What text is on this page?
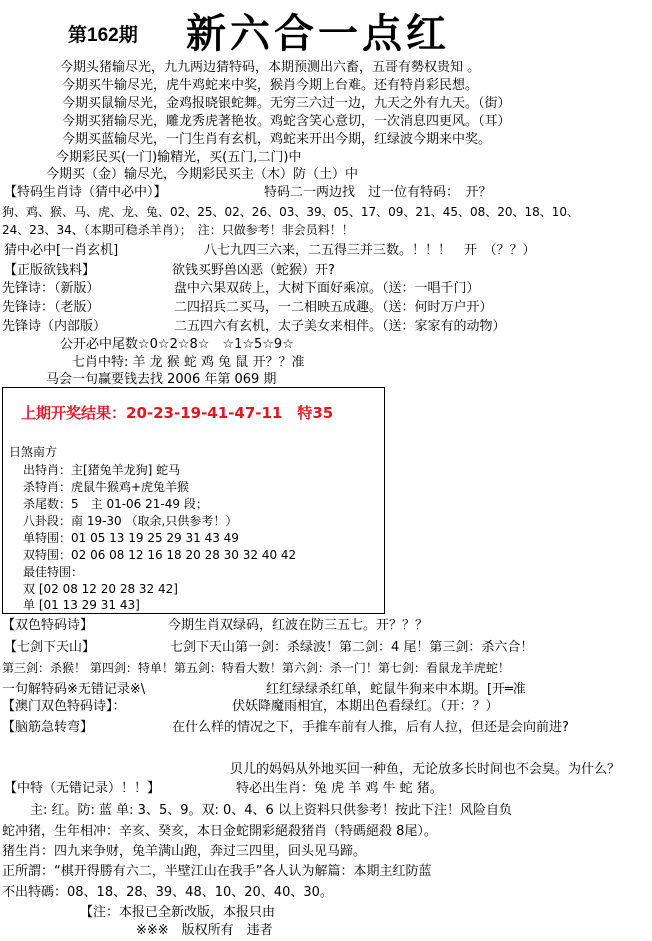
第162期 新六合一点红
今期头猪输尽光，九九两边猜特码，本期预测出六畜，五哥有勢权贵知 。
今期买牛输尽光，虎牛鸡蛇来中奖，猴肖今期上台难。还有特肖彩民想。
今期买鼠输尽光，金鸡报晓银蛇舞。无穷三六过一边，九天之外有九天。（街）
今期买猪输尽光，雕龙秀虎著艳妆。鸡蛇含笑心意切，一次消息四更风。（耳）
今期买蓝输尽光，一门生肖有玄机，鸡蛇来开出今期，红绿波今期来中奖。
今期彩民买(一门)输精光，买(五门,二门)中
今期买（金）输尽光，今期彩民买主（木）防（土）中
【特码生肖诗（猜中必中）】	特码二一两边找　过一位有特码：　开？
狗、鸡、猴、马、虎、龙、兔、02、25、02、26、03、39、05、17、09、21、45、08、20、18、10、
24、23、34、（本期可稳杀羊肖）；　注：只做参考！非会员料！！
猜中必中[一肖玄机]	八七九四三六来，二五得三并三数。！！！　开　（？？）
【正版欲钱料】	欲钱买野兽凶恶（蛇猴）开?
先锋诗：（新版）	盘中六果双砖上，大树下面好乘凉。（送：一唱千门）
先锋诗：（老版）	二四招兵二买马，一二相映五成趣。（送：何时万户开）
先锋诗（内部版）	二五四六有玄机，太子美女来相伴。（送：家家有的动物）
公开必中尾数☆0☆2☆8☆　☆1☆5☆9☆
七肖中特: 羊 龙 猴 蛇 鸡 兔 鼠 开？？准
马会一句赢要钱去找 2006 年第 069 期
上期开奖结果：20-23-19-41-47-11　特35
日煞南方
出特肖：主[猪兔羊龙狗] 蛇马
杀特肖：虎鼠牛猴鸡+虎兔羊猴
杀尾数：5　主 01-06 21-49 段；
八卦段：南 19-30 （取余,只供参考！）
单特围：01 05 13 19 25 29 31 43 49
双特围：02 06 08 12 16 18 20 28 30 32 40 42
最佳特围：
双 [02 08 12 20 28 32 42]
单 [01 13 29 31 43]
【双色特码诗】	今期生肖双绿码，红波在防三五七。开？？？
【七剑下天山】	七剑下天山第一剑：杀绿波！第二剑：4 尾！第三剑：杀六合！
第三剑：杀猴！ 第四剑：特单！第五剑：特看大数！第六剑：杀一门！第七剑：看鼠龙羊虎蛇！
一句解特码※无错记录※\	红红绿绿杀红单，蛇鼠牛狗来中本期。[开═准
【澳门双色特码诗】：	伏妖降魔雨相宜，本期出色看绿红。（开：？）
【脑筋急转弯】	在什么样的情况之下，手推车前有人推，后有人拉，但还是会向前进?
贝儿的妈妈从外地买回一种鱼，无论放多长时间也不会臭。为什么？
【中特（无错记录）！！】	特必出生肖：兔 虎 羊 鸡 牛 蛇 猪。
主: 红。防: 蓝 单: 3、5、9。双: 0、4、6 以上资料只供参考！按此下注！风险自负
蛇冲猪，生年相冲：辛亥、癸亥，本日金蛇開彩絕殺猪肖（特碼絕殺 8尾）。
猪生肖：四九来争财，兔羊满山跑，奔过三四里，回头见马蹄。
正所謂：“棋开得勝有六二，半壁江山在我手”各人认为解篇：本期主红防蓝
不出特碼：08、18、28、39、48、10、20、40、30。
【注：本报已全新改版，本报只由
※※※　版权所有　违者
